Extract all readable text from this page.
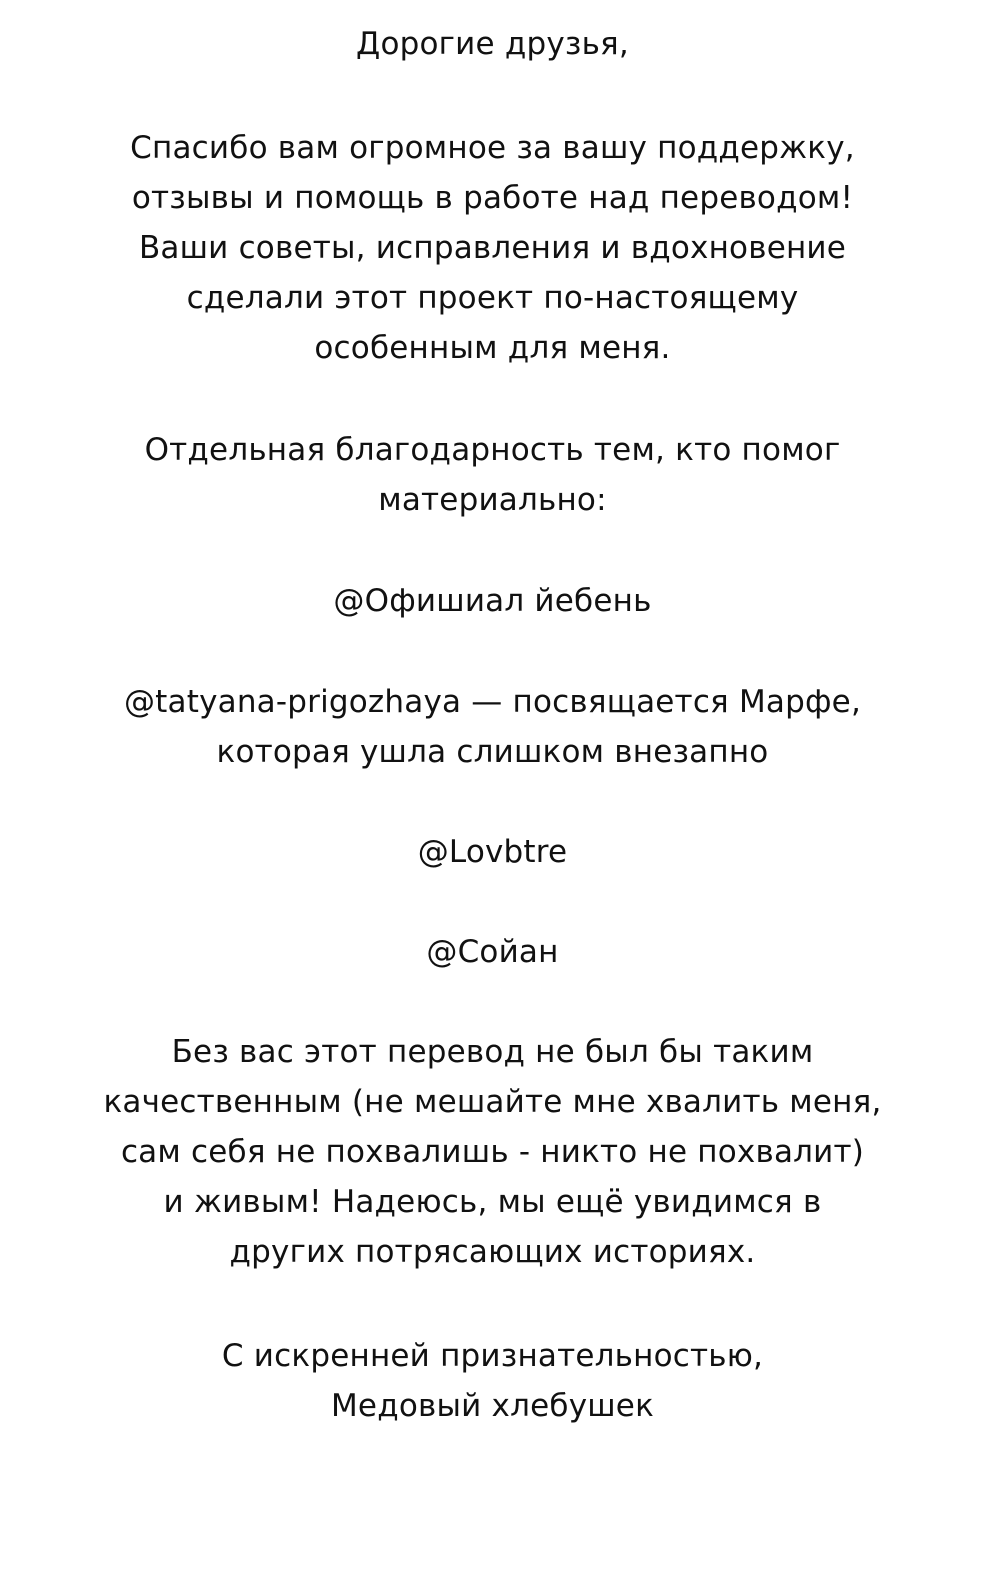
Дорогие друзья,
Спасибо вам огромное за вашу поддержку,
отзывы и помощь в работе над переводом!
Ваши советы, исправления и вдохновение
сделали этот проект по-настоящему
особенным для меня.
Отдельная благодарность тем, кто помог
материально:
@Офишиал йебень
@tatyana-prigozhaya — посвящается Марфе,
которая ушла слишком внезапно
@Lovbtre
@Сойан
Без вас этот перевод не был бы таким
качественным (не мешайте мне хвалить меня,
сам себя не похвалишь - никто не похвалит)
и живым! Надеюсь, мы ещё увидимся в
других потрясающих историях.
С искренней признательностью,
Медовый хлебушек
